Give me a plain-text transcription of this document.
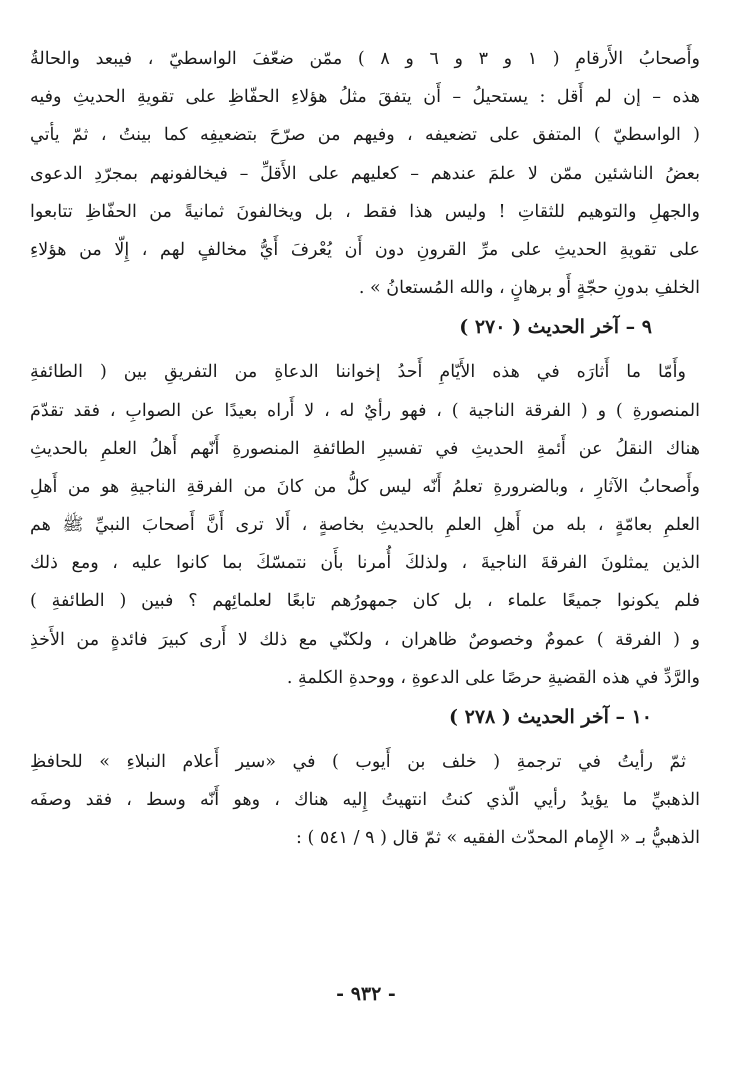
وأَصحابُ الأَرقامِ ( ١ و ٣ و ٦ و ٨ ) ممّن ضعّفَ الواسطيّ ، فيبعد والحالةُ
هذه – إن لم أَقل : يستحيلُ – أَن يتفقَ مثلُ هؤلاءِ الحفّاظِ على تقويةِ الحديثِ وفيه
( الواسطيّ ) المتفق على تضعيفه ، وفيهم من صرّحَ بتضعيفِه كما بينتُ ، ثمّ يأتي
بعضُ الناشئين ممّن لا علمَ عندهم – كعليهم على الأَقلِّ – فيخالفونهم بمجرّدِ الدعوى
والجهلِ والتوهيم للثقاتِ ! وليس هذا فقط ، بل ويخالفونَ ثمانيةً من الحفّاظِ تتابعوا
على تقويةِ الحديثِ على مرِّ القرونِ دون أَن يُعْرفَ أَيُّ مخالفٍ لهم ، إِلّا من هؤلاءِ
الخلفِ بدونِ حجّةٍ أَو برهانٍ ، والله المُستعانُ » .
٩ – آخر الحديث ( ٢٧٠ )
وأَمّا ما أَثارَه في هذه الأَيّامِ أَحدُ إخواننا الدعاةِ من التفريقِ بين ( الطائفةِ
المنصورةِ ) و ( الفرقة الناجية ) ، فهو رأيٌ له ، لا أَراه بعيدًا عن الصوابِ ، فقد تقدّمَ
هناك النقلُ عن أَئمةِ الحديثِ في تفسيرِ الطائفةِ المنصورةِ أَنّهم أَهلُ العلمِ بالحديثِ
وأَصحابُ الآثارِ ، وبالضرورةِ تعلمُ أَنّه ليس كلُّ من كانَ من الفرقةِ الناجيةِ هو من أَهلِ
العلمِ بعامّةٍ ، بله من أَهلِ العلمِ بالحديثِ بخاصةٍ ، أَلا ترى أَنَّ أَصحابَ النبيِّ ﷺ هم
الذين يمثلونَ الفرقةَ الناجيةَ ، ولذلكَ أُمرنا بأَن نتمسّكَ بما كانوا عليه ، ومع ذلك
فلم يكونوا جميعًا علماء ، بل كان جمهورُهم تابعًا لعلمائِهم ؟ فبين ( الطائفةِ )
و ( الفرقة ) عمومٌ وخصوصٌ ظاهران ، ولكنّي مع ذلك لا أَرى كبيرَ فائدةٍ من الأَخذِ
والرَّدِّ في هذه القضيةِ حرصًا على الدعوةِ ، ووحدةِ الكلمةِ .
١٠ – آخر الحديث ( ٢٧٨ )
ثمّ رأيتُ في ترجمةِ ( خلف بن أَيوب ) في «سير أَعلام النبلاءِ » للحافظِ
الذهبيِّ ما يؤيدُ رأيي الّذي كنتُ انتهيتُ إِليه هناك ، وهو أَنّه وسط ، فقد وصفَه
الذهبيُّ بـ « الإِمام المحدّث الفقيه » ثمّ قال ( ٩ / ٥٤١ ) :
- ٩٣٢ -
